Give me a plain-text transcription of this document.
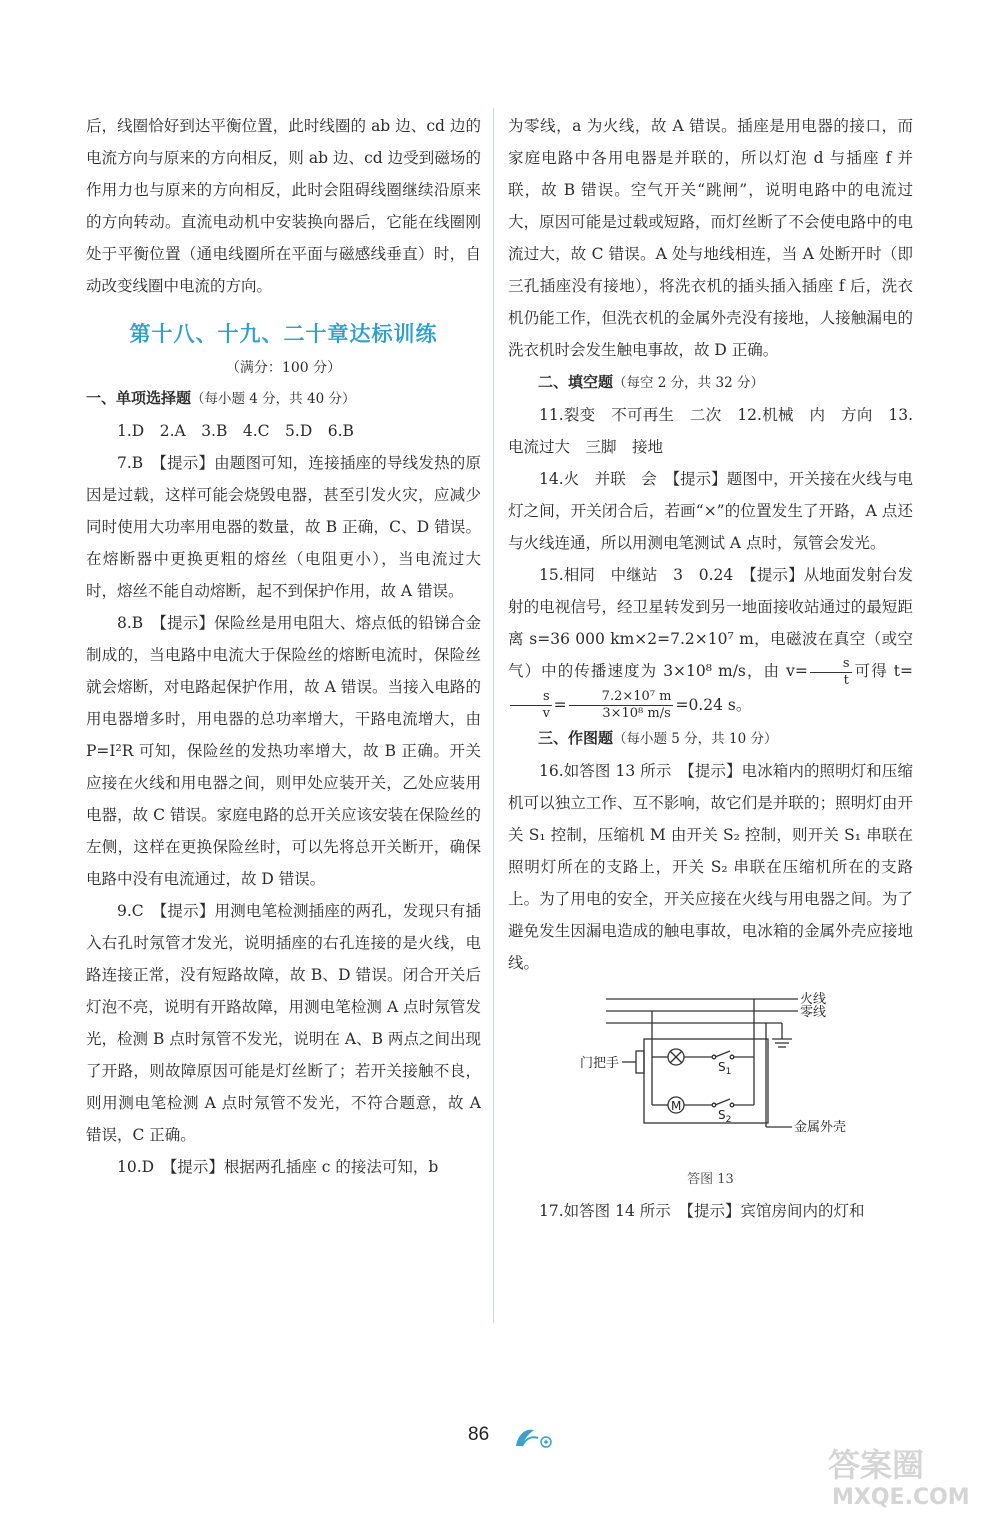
后，线圈恰好到达平衡位置，此时线圈的 ab 边、cd 边的电流方向与原来的方向相反，则 ab 边、cd 边受到磁场的作用力也与原来的方向相反，此时会阻碍线圈继续沿原来的方向转动。直流电动机中安装换向器后，它能在线圈刚处于平衡位置（通电线圈所在平面与磁感线垂直）时，自动改变线圈中电流的方向。

第十八、十九、二十章达标训练
（满分：100 分）

一、单项选择题（每小题 4 分，共 40 分）

1.D　2.A　3.B　4.C　5.D　6.B

7.B　 【提示】由题图可知，连接插座的导线发热的原因是过载，这样可能会烧毁电器，甚至引发火灾，应减少同时使用大功率用电器的数量，故 B 正确，C、D 错误。在熔断器中更换更粗的熔丝（电阻更小），当电流过大时，熔丝不能自动熔断，起不到保护作用，故 A 错误。

8.B　 【提示】保险丝是用电阻大、熔点低的铅锑合金制成的，当电路中电流大于保险丝的熔断电流时，保险丝就会熔断，对电路起保护作用，故 A 错误。当接入电路的用电器增多时，用电器的总功率增大，干路电流增大，由 P=I²R 可知，保险丝的发热功率增大，故 B 正确。开关应接在火线和用电器之间，则甲处应装开关，乙处应装用电器，故 C 错误。家庭电路的总开关应该安装在保险丝的左侧，这样在更换保险丝时，可以先将总开关断开，确保电路中没有电流通过，故 D 错误。

9.C　 【提示】用测电笔检测插座的两孔，发现只有插入右孔时氖管才发光，说明插座的右孔连接的是火线，电路连接正常，没有短路故障，故 B、D 错误。闭合开关后灯泡不亮，说明有开路故障，用测电笔检测 A 点时氖管发光，检测 B 点时氖管不发光，说明在 A、B 两点之间出现了开路，则故障原因可能是灯丝断了；若开关接触不良，则用测电笔检测 A 点时氖管不发光，不符合题意，故 A 错误，C 正确。

10.D　 【提示】根据两孔插座 c 的接法可知，b

为零线，a 为火线，故 A 错误。插座是用电器的接口，而家庭电路中各用电器是并联的，所以灯泡 d 与插座 f 并联，故 B 错误。空气开关“跳闸”，说明电路中的电流过大，原因可能是过载或短路，而灯丝断了不会使电路中的电流过大，故 C 错误。A 处与地线相连，当 A 处断开时（即三孔插座没有接地），将洗衣机的插头插入插座 f 后，洗衣机仍能工作，但洗衣机的金属外壳没有接地，人接触漏电的洗衣机时会发生触电事故，故 D 正确。

二、填空题（每空 2 分，共 32 分）

11.裂变　不可再生　二次　12.机械　内　方向　13.电流过大　三脚　接地

14.火　并联　会　 【提示】题图中，开关接在火线与电灯之间，开关闭合后，若画“×”的位置发生了开路，A 点还与火线连通，所以用测电笔测试 A 点时，氖管会发光。

15.相同　中继站　3　0.24　 【提示】从地面发射台发射的电视信号，经卫星转发到另一地面接收站通过的最短距离 s=36 000 km×2=7.2×10⁷ m，电磁波在真空（或空气）中的传播速度为 3×10⁸ m/s，由 $v= \frac{s}{t}$ 可得 t=
$\frac{s}{v} = \frac{\text{7.2×10⁷ m}}{\text{3×10⁸ m/s}} =0.24$ s。

三、作图题（每小题 5 分，共 10 分）

16.如答图 13 所示　 【提示】电冰箱内的照明灯和压缩机可以独立工作、互不影响，故它们是并联的；照明灯由开关 S₁ 控制，压缩机 M 由开关 S₂ 控制，则开关 S₁ 串联在照明灯所在的支路上，开关 S₂ 串联在压缩机所在的支路上。为了用电的安全，开关应接在火线与用电器之间。为了避免发生因漏电造成的触电事故，电冰箱的金属外壳应接地线。

火线
零线
门把手
金属外壳
M
$S_1$
$S_2$
答图 13

17.如答图 14 所示　 【提示】宾馆房间内的灯和

86
答案圈
MXQE.COM
